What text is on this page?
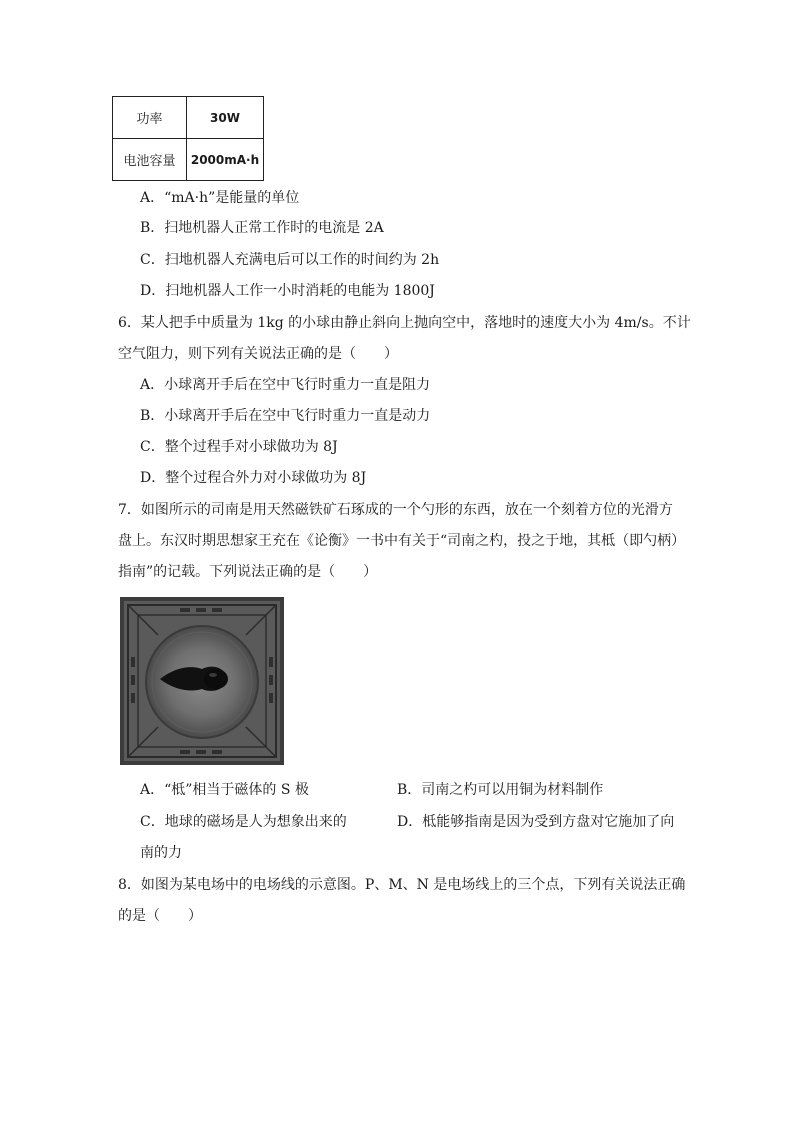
功率	30W
电池容量	2000mA·h
A．“mA·h”是能量的单位
B．扫地机器人正常工作时的电流是 2A
C．扫地机器人充满电后可以工作的时间约为 2h
D．扫地机器人工作一小时消耗的电能为 1800J
6．某人把手中质量为 1kg 的小球由静止斜向上抛向空中，落地时的速度大小为 4m/s。不计
空气阻力，则下列有关说法正确的是（　　）
A．小球离开手后在空中飞行时重力一直是阻力
B．小球离开手后在空中飞行时重力一直是动力
C．整个过程手对小球做功为 8J
D．整个过程合外力对小球做功为 8J
7．如图所示的司南是用天然磁铁矿石琢成的一个勺形的东西，放在一个刻着方位的光滑方
盘上。东汉时期思想家王充在《论衡》一书中有关于“司南之杓，投之于地，其柢（即勺柄）
指南”的记载。下列说法正确的是（　　）
A．“柢”相当于磁体的 S 极	B．司南之杓可以用铜为材料制作
C．地球的磁场是人为想象出来的	D．柢能够指南是因为受到方盘对它施加了向
南的力
8．如图为某电场中的电场线的示意图。P、M、N 是电场线上的三个点，下列有关说法正确
的是（　　）
